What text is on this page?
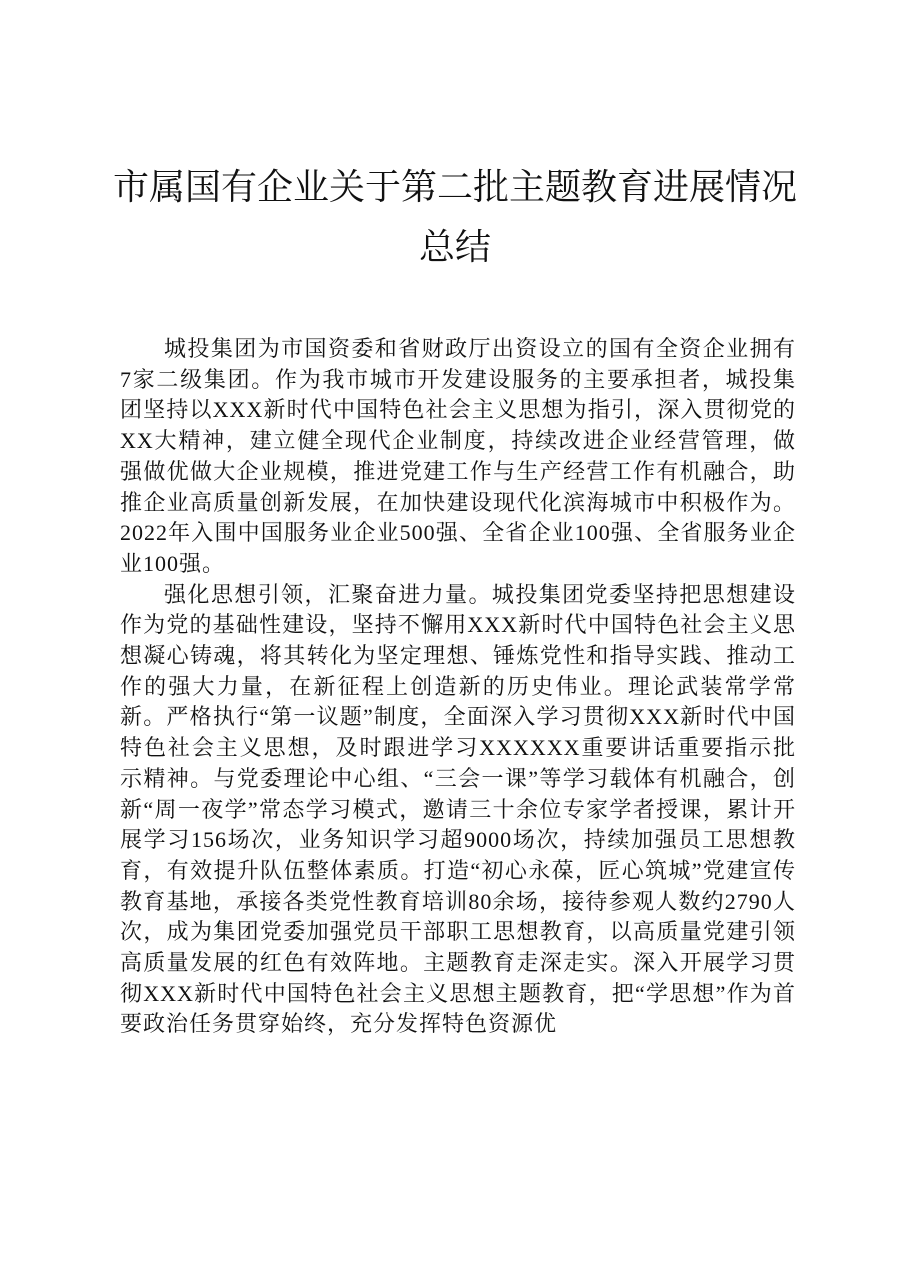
市属国有企业关于第二批主题教育进展情况总结

城投集团为市国资委和省财政厅出资设立的国有全资企业拥有7家二级集团。作为我市城市开发建设服务的主要承担者，城投集团坚持以XXX新时代中国特色社会主义思想为指引，深入贯彻党的XX大精神，建立健全现代企业制度，持续改进企业经营管理，做强做优做大企业规模，推进党建工作与生产经营工作有机融合，助推企业高质量创新发展，在加快建设现代化滨海城市中积极作为。2022年入围中国服务业企业500强、全省企业100强、全省服务业企业100强。

强化思想引领，汇聚奋进力量。城投集团党委坚持把思想建设作为党的基础性建设，坚持不懈用XXX新时代中国特色社会主义思想凝心铸魂，将其转化为坚定理想、锤炼党性和指导实践、推动工作的强大力量，在新征程上创造新的历史伟业。理论武装常学常新。严格执行“第一议题”制度，全面深入学习贯彻XXX新时代中国特色社会主义思想，及时跟进学习XXXXXX重要讲话重要指示批示精神。与党委理论中心组、“三会一课”等学习载体有机融合，创新“周一夜学”常态学习模式，邀请三十余位专家学者授课，累计开展学习156场次，业务知识学习超9000场次，持续加强员工思想教育，有效提升队伍整体素质。打造“初心永葆，匠心筑城”党建宣传教育基地，承接各类党性教育培训80余场，接待参观人数约2790人次，成为集团党委加强党员干部职工思想教育，以高质量党建引领高质量发展的红色有效阵地。主题教育走深走实。深入开展学习贯彻XXX新时代中国特色社会主义思想主题教育，把“学思想”作为首要政治任务贯穿始终，充分发挥特色资源优
